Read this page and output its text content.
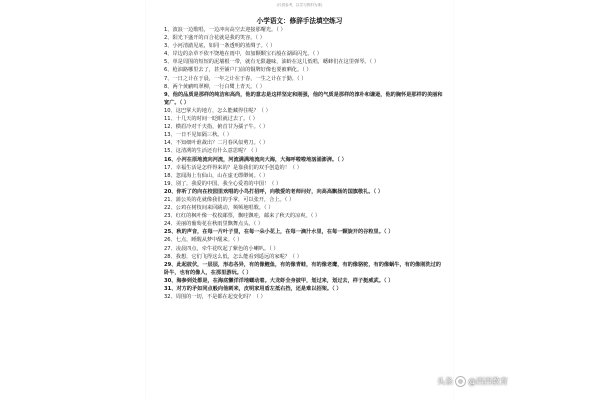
(仅供参考，以学习资料为准)
小学语文：修辞手法填空练习

1、波浪一边歌唱，一边冲向高空去迎接那曙光。（ ）

2、阳光下盛开的百合花就是我的笑容。（ ）

3、小河清澈见底，如同一条透明的蓝绸子。（ ）

4、岸边的杂草不依不饶地在雨中，如加颗颗宝石般在湖面闪光。（ ）

5、单是周围的短短的泥墙根一带，就有无限趣味，油蛉在这儿低唱，蟋蟀们在这里弹琴。（ ）

6、枪油路哪里去了，甚至铺户门前的铜牌好像也要被晒化。（ ）

7、一日之计在于晨，一年之计在于春，一生之计在于勤。（ ）

8、两个黄鹂鸣翠柳，一行白鹭上青天。（ ）

9、他的品质是那样的纯洁和高尚，他的意志是这样坚定和刚强，他的气质是那样的淳朴和谦逊，他的胸怀是那样的美丽和宽广。（ ）

10、这巴掌大的地方，怎么能藏得住呢？（ ）

11、十几天的时间一眨眼就过去了。（ ）

12、横眉冷对千夫指，俯首甘为孺子牛。（ ）

13、一日不见如隔三秋。（ ）

14、不知细叶谁裁出？二月春风似剪刀。（ ）

15、这清冽的生活还有什么意思呢？（ ）

16、小河在原地流向河流，河流满满地流向大海，大海呼啦啦地汹涌澎湃。（ ）

17、幸福生活是怎样得来的？是靠我们的双手创造的！（ ）

18、忽闻海上有仙山，山在虚无缥缈间。（ ）

19、别了，我爱的中国，我全心爱着的中国！（ ）

20、你听了的向在校园里欢唱的小鸟打招呼，向敬爱的老师问好，向高高飘扬的国旗敬礼。（ ）

21、蒲公英的花就像我们的手掌，可以张开，合上。（ ）

22、公鸡在树枝间来回跳动，频频地唱歌。（ ）

23、红红的枫叶像一枚枚邮票，飘哇飘哇，邮来了秋天的凉爽。（ ）

24、美丽的葡萄花在秋雨里飘舞点头。（ ）

25、秋的声音，在每一片叶子里，在每一朵小花上，在每一滴汁水里，在每一颗旋开的谷粒里。（ ）

26、七点，睡醒从梦中醒来。（ ）

27、凌晨四点，牵牛花吹起了紫色的小喇叭。（ ）

28、我想，它们飞得这么低，怎么能看到遥远的家呢？（ ）

29、此起彼伏，一层层，形态各异，有的像鲤鱼，有的像青蛙，有的像老鹰，有的像骆驼，有的像蜗牛，有的像刚洗过的卧牛，也有的像人，在那里游玩。（ ）

30、海参到处都是，在海底懒洋洋地蠕动着。大龙虾全身披甲，划过来，划过去，样子挺威武。（ ）

31、对方的矛如同点般向他刺来，皮明家用盾左抵右挡，还是难以招架。（ ）

32、周围的一切，不是都在起变化吗？（ ）

头条 @西西教育
